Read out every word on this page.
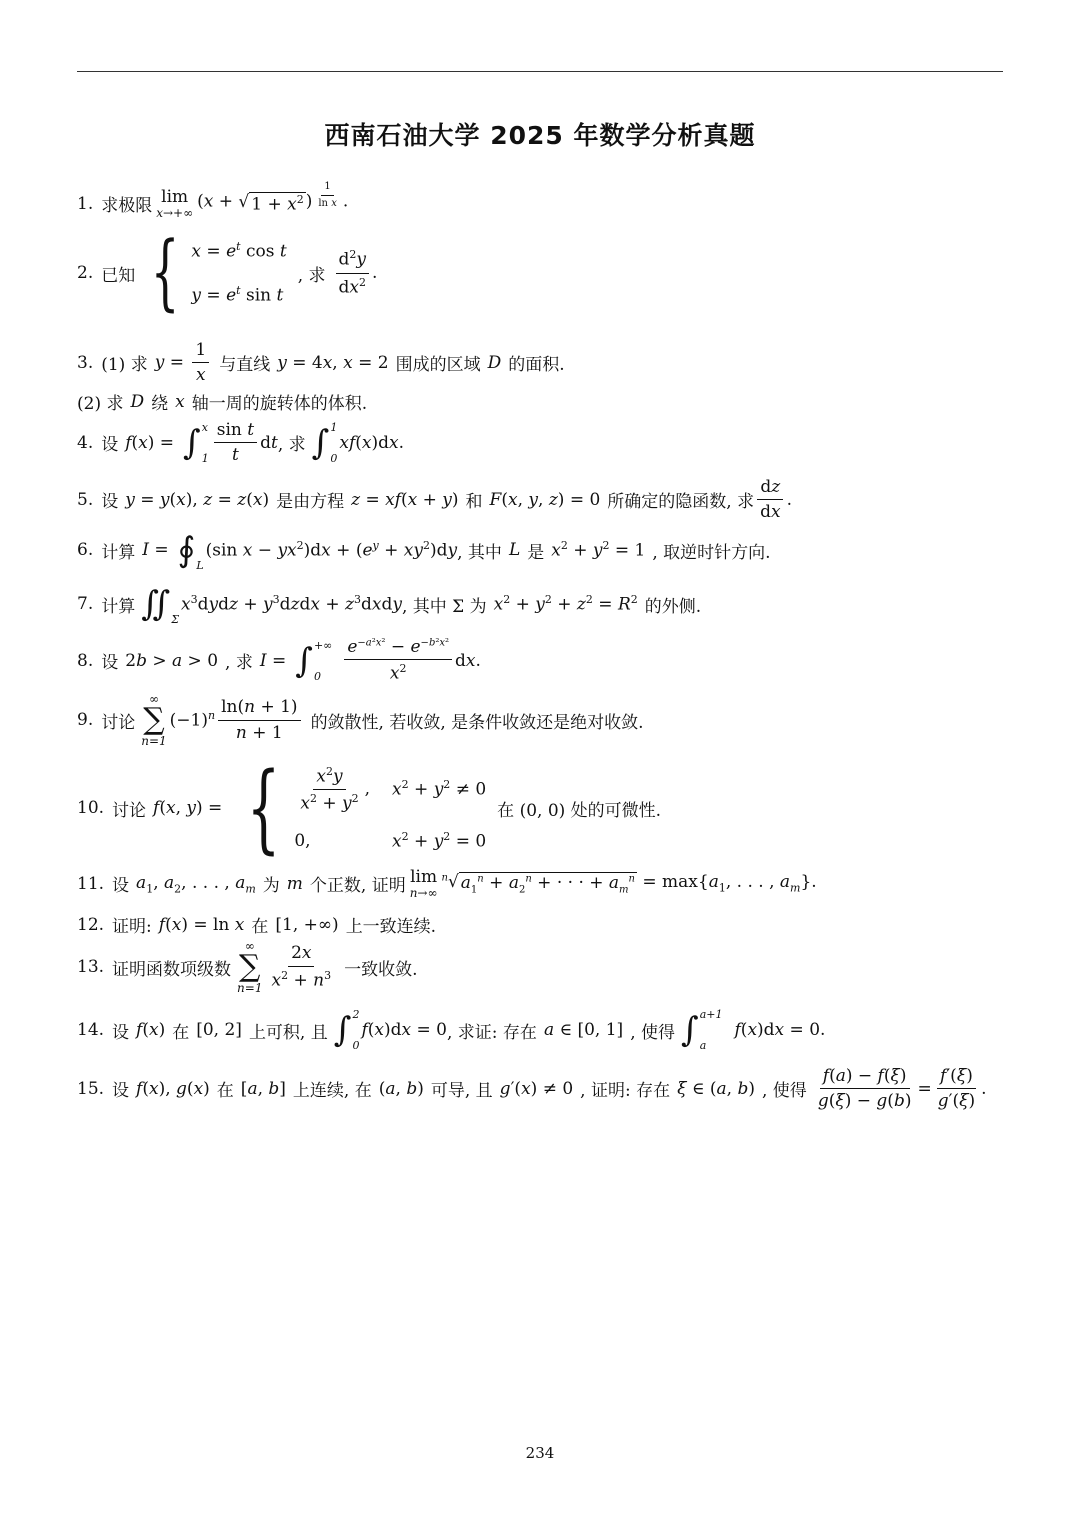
西南石油大学 2025 年数学分析真题
1. 求极限 lim
x→+∞
(x + √ $1 + x^2$ ) $^{\frac{1}{\text{ln x}}}$ .
2. 已知 { $x = e^t$ cos t
$y = e^t$ sin t
, 求 $\frac{d^2y}{dx^2}$ .
3. (1) 求 $y = \frac{1}{x}$ 与直线 y = 4x, x = 2 围成的区域 D 的面积.
(2) 求 D 绕 x 轴一周的旋转体的体积.
4. 设 f(x) = ∫ x
$1 \frac{\text{sin t}}{t}$ dt , 求 ∫ 1
0
xf(x)dx.
5. 设 y = y(x), z = z(x) 是由方程 z = xf(x + y) 和 F(x, y, z) = 0 所确定的隐函数, 求 $\frac{dz}{dx}$ .
6. 计算 I = ∮ L
(sin $x - yx^2)dx + (e^y + xy^2)dy$ , 其中 L 是 $x^2 + y^2 = 1$ , 取逆时针方向.
7. 计算 ∬ Σ
$x^3dydz$ + $y^3dzdx$ + $z^3dxdy$ , 其中 Σ 为 $x^2 + y^2 + z^2 = R^2$ 的外侧.
8. 设 2b > a > 0 , 求 I = ∫ +∞
0	$\frac{e^{-a^2x^2} - e^{-b^2x^2}}{x^2}$ dx.
9. 讨论
∞
∑
n=1
$(-1)^n \frac{\ln(n + 1)}{n + 1}$ 的敛散性, 若收敛, 是条件收敛还是绝对收敛.
10. 讨论 f(x, y) = { $\frac{x^2y}{x^2 + y^2}$ , $x^2 + y^2 \ne 0$
0,	$x^2 + y^2 = 0$
在 (0, 0) 处的可微性.
11. 设 $a_1$, $a_2$, . . . , $a_m$ 为 m 个正数, 证明 lim
n→∞
$^n$ √ $a_1^n + a_2^n$ + · · · + $a_m^n = \max\{a_1$, . . . , $a_m$}.
12. 证明: f(x) = ln x 在 [1, +∞) 上一致连续.
13. 证明函数项级数
∞
∑
$n=1 \frac{2x}{x^2 + n^3}$ 一致收敛.
14. 设 f(x) 在 [0, 2] 上可积, 且 ∫ 2
0
f(x)dx = 0 , 求证: 存在 a ∈ [0, 1] , 使得 ∫ a+1
a
f(x)dx = 0.
15. 设 f(x), g(x) 在 [a, b] 上连续, 在 (a, b) 可导, 且 g′(x) ≠ 0 , 证明: 存在 ξ ∈ (a, b) , 使得 $\frac{f(a) - f(\xi)}{g(\xi) - g(b)} = \frac{f'(\xi)}{g'(\xi)}$ .
234
